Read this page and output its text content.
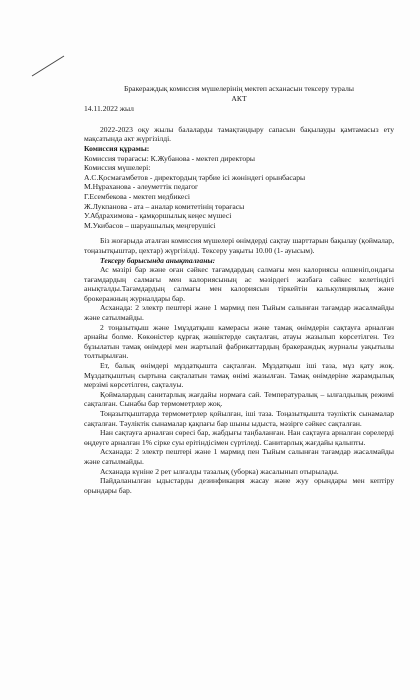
Бракеражды‌қ комиссия мүшелерінің мектеп асханасын тексеру туралы

АКТ

14.11.2022 жыл

2022-2023 оқу жылы балаларды тамақтандыру сапасын бақылауды қамтамасыз ету мақсатында акт жүргізілді.

Комиссия құрамы:

Комиссия төрағасы: К.Жубанова - мектеп директоры

Комиссия мүшелері:

А.С.Қосмағамбетов - директордың тәрбие ісі жөніндегі орынбасары

М.Нұраханова - әлеуметтік педагог

Г.Есембекова - мектеп медбикесі

Ж.Лукпанова - ата – аналар комитетінің төрағасы

У.Абдрахимова - қамқоршылық кеңес мүшесі

М.Укибасов – шаруашылық меңгерушісі

Біз жоғарыда аталған комиссия мүшелері өнімдерді сақтау шарттарын бақылау (қоймалар, тоңазытқыштар, цехтар) жүргізілді. Тексеру уақыты 10.00 (1- ауысым).

Тексеру барысында анықталғаны:

Ас мәзірі бар және оған сәйкес тағамдардың салмағы мен калориясы өлшеніп,ондағы тағамдардың салмағы мен калориясының ас мәзірдегі жазбаға сәйкес келетіндігі анықталды.Тағамдардың салмағы мен калориясын тіркейтін калькуляциялық және брокеражның журналдары бар.

Асханада: 2 электр пештері және 1 мармид пен Тыйым салынған тағамдар жасалмайды және сатылмайды.

2 тоңазытқыш және 1мұздатқыш камерасы және тамақ өнімдерін сақтауға арналған арнайы болме. Көкөністер құрғақ жәшіктерде сақталған, атауы жазылып көрсетілген. Тез бұзылатын тамақ өнімдері мен жартылай фабрикаттардың бракераждық журналы уақытылы толтырылған.

Ет, балық өнімдері мұздатқышта сақталған. Мұздатқыш іші таза, мұз қату жоқ. Мұздатқыштың сыртына сақталатын тамақ өнімі жазылған. Тамақ өнімдеріне жарамдылық мерзімі көрсетілген, сақталуы.

Қоймалардың санитарлық жағдайы нормаға сай. Температуралық – ылғалдылық режимі сақталған. Сынабы бар термометрлер жоқ.

Тоңазытқыштарда термометрлер қойылған, іші таза. Тоңазытқышта тәуліктік сынамалар сақталған. Тәуліктік сынамалар қақпағы бар шыны ыдыста, мәзірге сәйкес сақталған.

Нан сақтауға арналған сөресі бар, жабдығы таңбаланған. Нан сақтауға арналған сөрелерді өңдеуге арналған 1% сірке суы ерітіндісімен сүртіледі. Санитарлық жағдайы қалыпты.

Асханада: 2 электр пештері және 1 мармид пен Тыйым салынған тағамдар жасалмайды және сатылмайды.

Асханада күніне 2 рет ылғалды тазалық (уборка) жасалынып отырылады.

Пайдаланылған ыдыстарды дезинфикация жасау және жуу орындары мен кептіру орындары бар.
